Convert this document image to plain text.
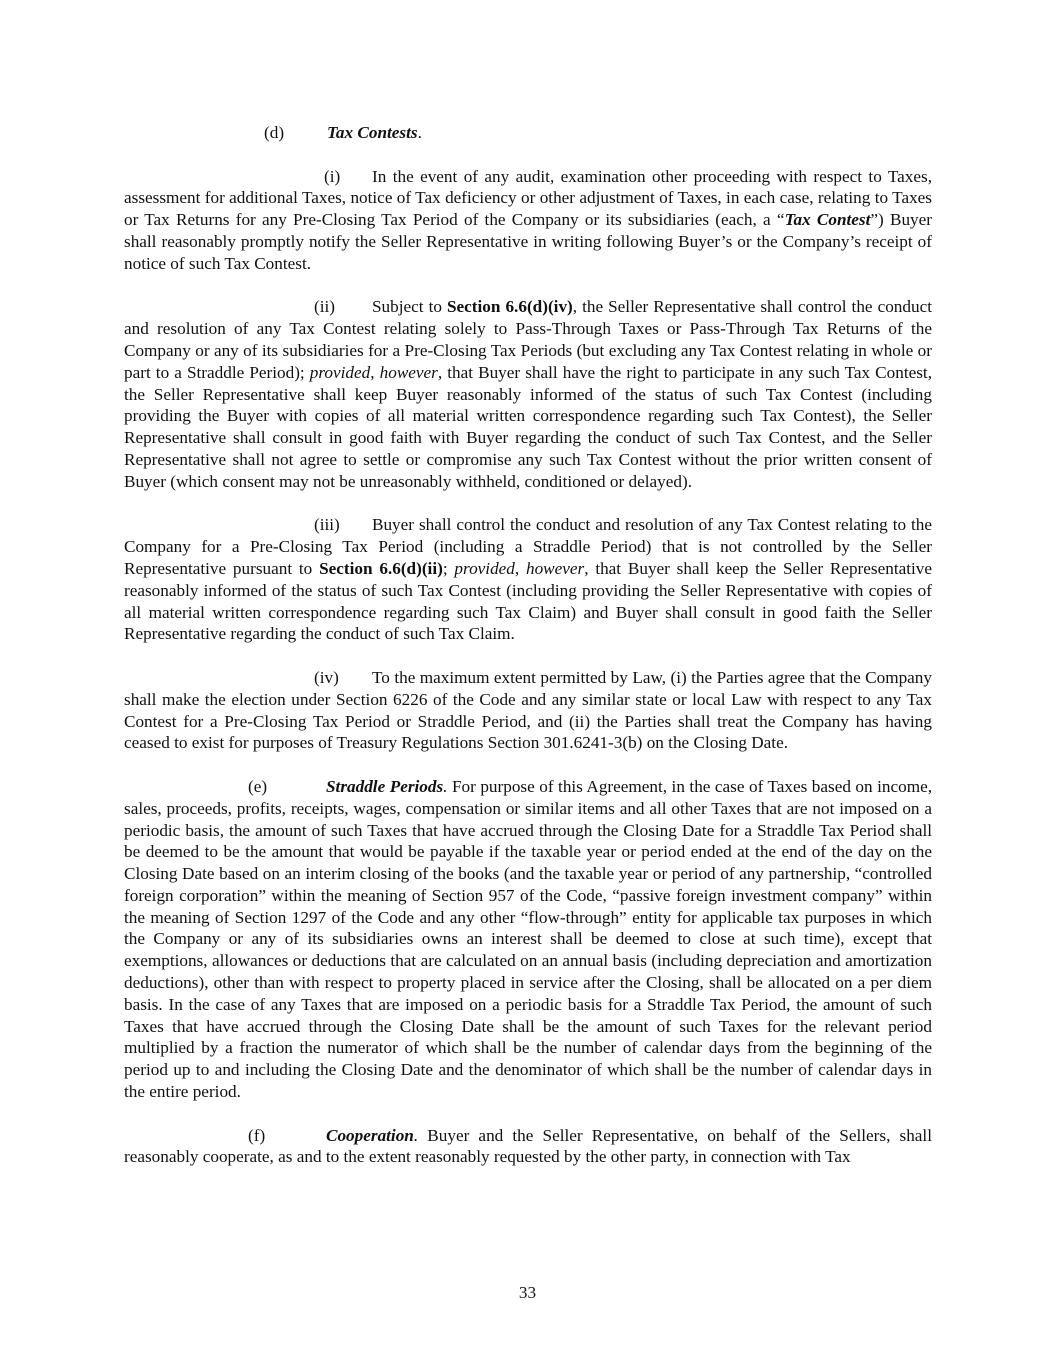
(d) Tax Contests.

(i) In the event of any audit, examination other proceeding with respect to Taxes, assessment for additional Taxes, notice of Tax deficiency or other adjustment of Taxes, in each case, relating to Taxes or Tax Returns for any Pre-Closing Tax Period of the Company or its subsidiaries (each, a “Tax Contest”) Buyer shall reasonably promptly notify the Seller Representative in writing following Buyer’s or the Company’s receipt of notice of such Tax Contest.

(ii) Subject to Section 6.6(d)(iv), the Seller Representative shall control the conduct and resolution of any Tax Contest relating solely to Pass-Through Taxes or Pass-Through Tax Returns of the Company or any of its subsidiaries for a Pre-Closing Tax Periods (but excluding any Tax Contest relating in whole or part to a Straddle Period); provided, however, that Buyer shall have the right to participate in any such Tax Contest, the Seller Representative shall keep Buyer reasonably informed of the status of such Tax Contest (including providing the Buyer with copies of all material written correspondence regarding such Tax Contest), the Seller Representative shall consult in good faith with Buyer regarding the conduct of such Tax Contest, and the Seller Representative shall not agree to settle or compromise any such Tax Contest without the prior written consent of Buyer (which consent may not be unreasonably withheld, conditioned or delayed).

(iii) Buyer shall control the conduct and resolution of any Tax Contest relating to the Company for a Pre-Closing Tax Period (including a Straddle Period) that is not controlled by the Seller Representative pursuant to Section 6.6(d)(ii); provided, however, that Buyer shall keep the Seller Representative reasonably informed of the status of such Tax Contest (including providing the Seller Representative with copies of all material written correspondence regarding such Tax Claim) and Buyer shall consult in good faith the Seller Representative regarding the conduct of such Tax Claim.

(iv) To the maximum extent permitted by Law, (i) the Parties agree that the Company shall make the election under Section 6226 of the Code and any similar state or local Law with respect to any Tax Contest for a Pre-Closing Tax Period or Straddle Period, and (ii) the Parties shall treat the Company has having ceased to exist for purposes of Treasury Regulations Section 301.6241-3(b) on the Closing Date.

(e)	Straddle Periods. For purpose of this Agreement, in the case of Taxes based on income, sales, proceeds, profits, receipts, wages, compensation or similar items and all other Taxes that are not imposed on a periodic basis, the amount of such Taxes that have accrued through the Closing Date for a Straddle Tax Period shall be deemed to be the amount that would be payable if the taxable year or period ended at the end of the day on the Closing Date based on an interim closing of the books (and the taxable year or period of any partnership, “controlled foreign corporation” within the meaning of Section 957 of the Code, “passive foreign investment company” within the meaning of Section 1297 of the Code and any other “flow-through” entity for applicable tax purposes in which the Company or any of its subsidiaries owns an interest shall be deemed to close at such time), except that exemptions, allowances or deductions that are calculated on an annual basis (including depreciation and amortization deductions), other than with respect to property placed in service after the Closing, shall be allocated on a per diem basis. In the case of any Taxes that are imposed on a periodic basis for a Straddle Tax Period, the amount of such Taxes that have accrued through the Closing Date shall be the amount of such Taxes for the relevant period multiplied by a fraction the numerator of which shall be the number of calendar days from the beginning of the period up to and including the Closing Date and the denominator of which shall be the number of calendar days in the entire period.

(f)	Cooperation. Buyer and the Seller Representative, on behalf of the Sellers, shall reasonably cooperate, as and to the extent reasonably requested by the other party, in connection with Tax

33
